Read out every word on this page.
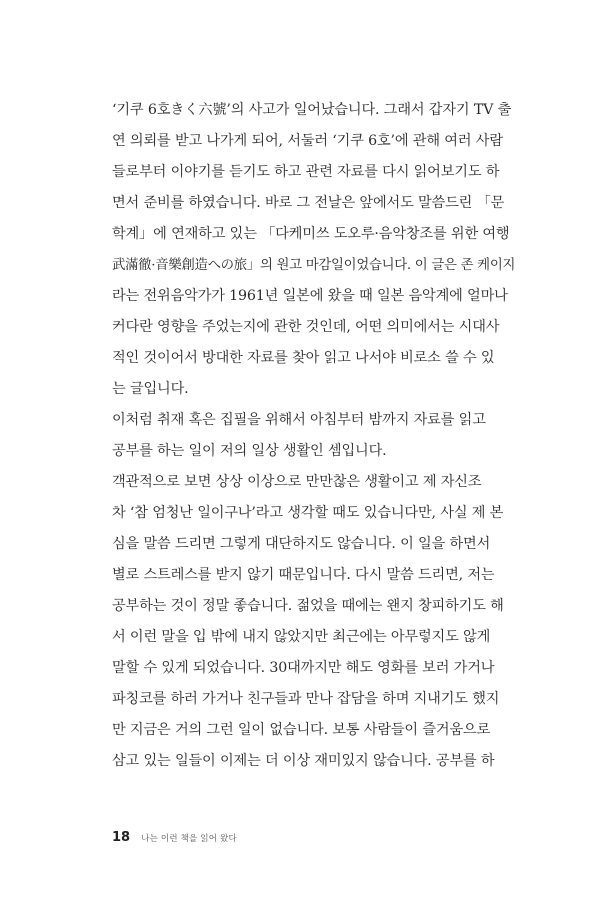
‘기쿠 6호きく六號’의 사고가 일어났습니다. 그래서 갑자기 TV 출
연 의뢰를 받고 나가게 되어, 서둘러 ‘기쿠 6호’에 관해 여러 사람
들로부터 이야기를 듣기도 하고 관련 자료를 다시 읽어보기도 하
면서 준비를 하였습니다. 바로 그 전날은 앞에서도 말씀드린 「문
학계」에 연재하고 있는 「다케미쓰 도오루·음악창조를 위한 여행
武滿徹·音樂創造への旅」의 원고 마감일이었습니다. 이 글은 존 케이지
라는 전위음악가가 1961년 일본에 왔을 때 일본 음악계에 얼마나
커다란 영향을 주었는지에 관한 것인데, 어떤 의미에서는 시대사
적인 것이어서 방대한 자료를 찾아 읽고 나서야 비로소 쓸 수 있
는 글입니다.
이처럼 취재 혹은 집필을 위해서 아침부터 밤까지 자료를 읽고
공부를 하는 일이 저의 일상 생활인 셈입니다.
객관적으로 보면 상상 이상으로 만만찮은 생활이고 제 자신조
차 ‘참 엄청난 일이구나’라고 생각할 때도 있습니다만, 사실 제 본
심을 말씀 드리면 그렇게 대단하지도 않습니다. 이 일을 하면서
별로 스트레스를 받지 않기 때문입니다. 다시 말씀 드리면, 저는
공부하는 것이 정말 좋습니다. 젊었을 때에는 왠지 창피하기도 해
서 이런 말을 입 밖에 내지 않았지만 최근에는 아무렇지도 않게
말할 수 있게 되었습니다. 30대까지만 해도 영화를 보러 가거나
파칭코를 하러 가거나 친구들과 만나 잡담을 하며 지내기도 했지
만 지금은 거의 그런 일이 없습니다. 보통 사람들이 즐거움으로
삼고 있는 일들이 이제는 더 이상 재미있지 않습니다. 공부를 하
18 나는 이런 책을 읽어 왔다
